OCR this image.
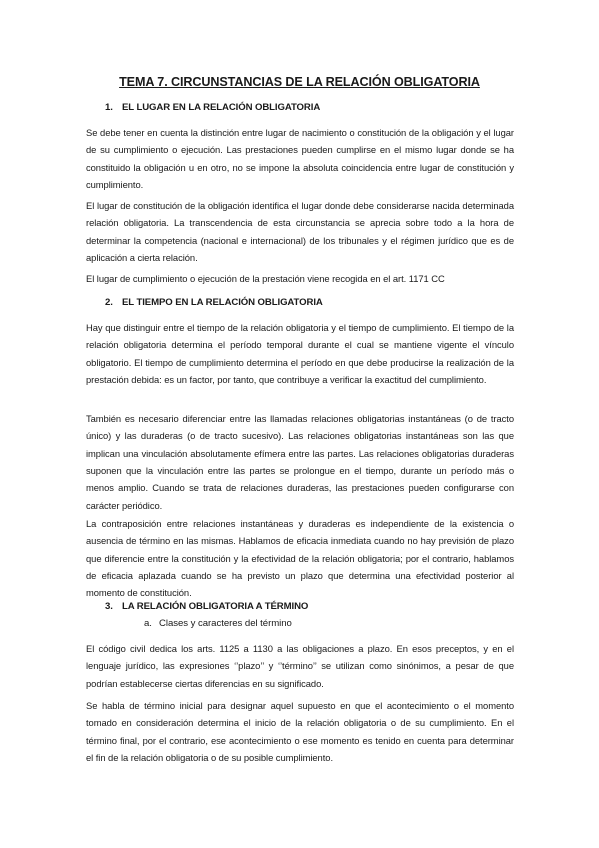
TEMA 7. CIRCUNSTANCIAS DE LA RELACIÓN OBLIGATORIA
1. EL LUGAR EN LA RELACIÓN OBLIGATORIA
Se debe tener en cuenta la distinción entre lugar de nacimiento o constitución de la obligación y el lugar de su cumplimiento o ejecución. Las prestaciones pueden cumplirse en el mismo lugar donde se ha constituido la obligación u en otro, no se impone la absoluta coincidencia entre lugar de constitución y cumplimiento.
El lugar de constitución de la obligación identifica el lugar donde debe considerarse nacida determinada relación obligatoria. La transcendencia de esta circunstancia se aprecia sobre todo a la hora de determinar la competencia (nacional e internacional) de los tribunales y el régimen jurídico que es de aplicación a cierta relación.
El lugar de cumplimiento o ejecución de la prestación viene recogida en el art. 1171 CC
2. EL TIEMPO EN LA RELACIÓN OBLIGATORIA
Hay que distinguir entre el tiempo de la relación obligatoria y el tiempo de cumplimiento. El tiempo de la relación obligatoria determina el período temporal durante el cual se mantiene vigente el vínculo obligatorio. El tiempo de cumplimiento determina el período en que debe producirse la realización de la prestación debida: es un factor, por tanto, que contribuye a verificar la exactitud del cumplimiento.
También es necesario diferenciar entre las llamadas relaciones obligatorias instantáneas (o de tracto único) y las duraderas (o de tracto sucesivo). Las relaciones obligatorias instantáneas son las que implican una vinculación absolutamente efímera entre las partes. Las relaciones obligatorias duraderas suponen que la vinculación entre las partes se prolongue en el tiempo, durante un período más o menos amplio. Cuando se trata de relaciones duraderas, las prestaciones pueden configurarse con carácter periódico.
La contraposición entre relaciones instantáneas y duraderas es independiente de la existencia o ausencia de término en las mismas. Hablamos de eficacia inmediata cuando no hay previsión de plazo que diferencie entre la constitución y la efectividad de la relación obligatoria; por el contrario, hablamos de eficacia aplazada cuando se ha previsto un plazo que determina una efectividad posterior al momento de constitución.
3. LA RELACIÓN OBLIGATORIA A TÉRMINO
a. Clases y caracteres del término
El código civil dedica los arts. 1125 a 1130 a las obligaciones a plazo. En esos preceptos, y en el lenguaje jurídico, las expresiones ‘’plazo’’ y ‘’término’’ se utilizan como sinónimos, a pesar de que podrían establecerse ciertas diferencias en su significado.
Se habla de término inicial para designar aquel supuesto en que el acontecimiento o el momento tomado en consideración determina el inicio de la relación obligatoria o de su cumplimiento. En el término final, por el contrario, ese acontecimiento o ese momento es tenido en cuenta para determinar el fin de la relación obligatoria o de su posible cumplimiento.
